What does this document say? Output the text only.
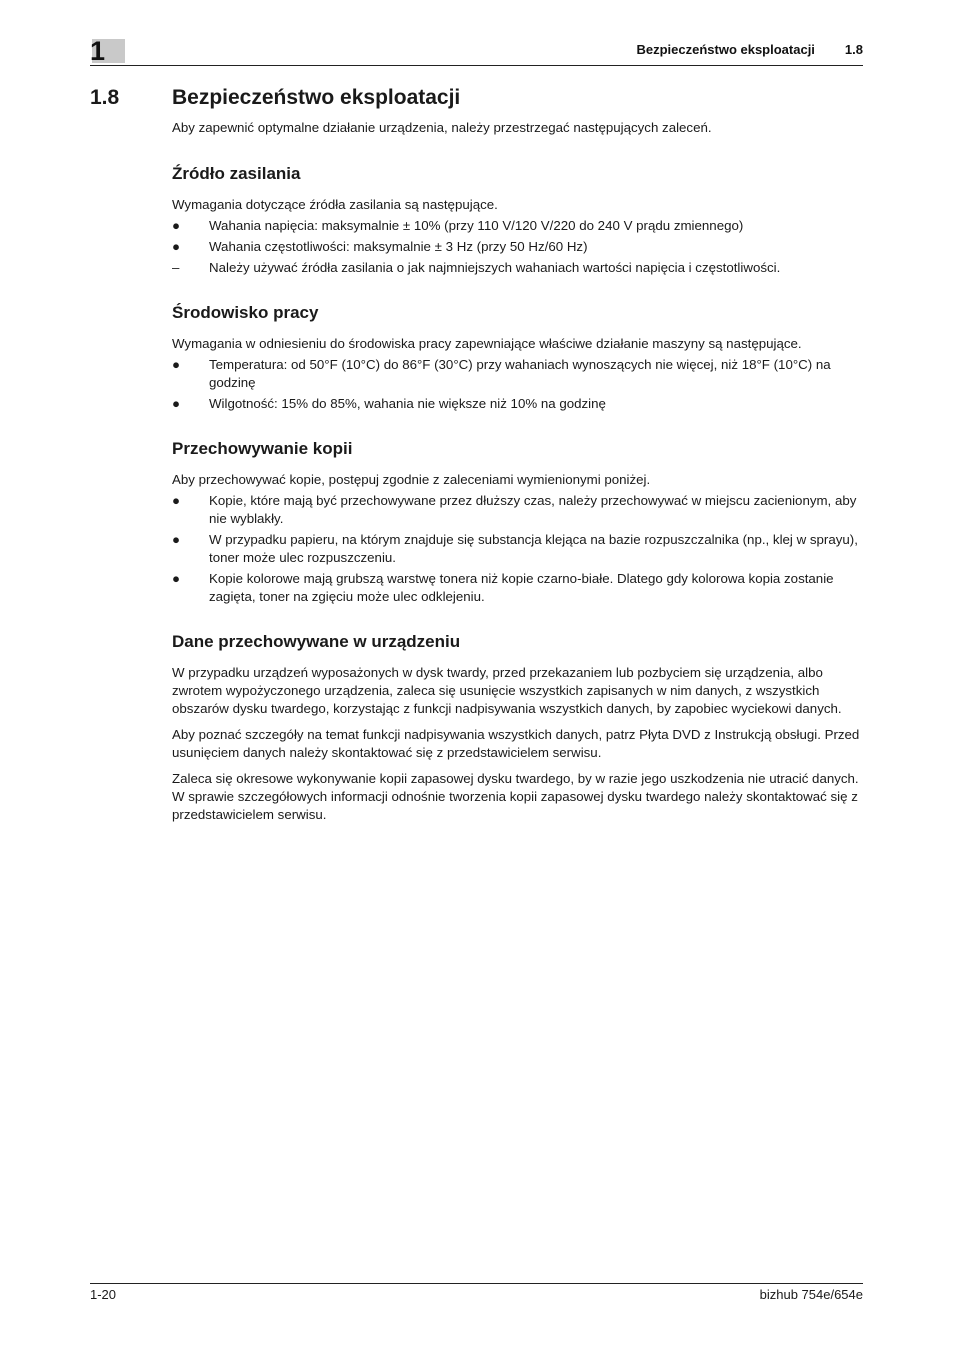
1	Bezpieczeństwo eksploatacji 1.8
1.8	Bezpieczeństwo eksploatacji

Aby zapewnić optymalne działanie urządzenia, należy przestrzegać następujących zaleceń.

Źródło zasilania

Wymagania dotyczące źródła zasilania są następujące.

●	Wahania napięcia: maksymalnie ± 10% (przy 110 V/120 V/220 do 240 V prądu zmiennego)
●	Wahania częstotliwości: maksymalnie ± 3 Hz (przy 50 Hz/60 Hz)
–	Należy używać źródła zasilania o jak najmniejszych wahaniach wartości napięcia i częstotliwości.
Środowisko pracy

Wymagania w odniesieniu do środowiska pracy zapewniające właściwe działanie maszyny są następujące.

●	Temperatura: od 50°F (10°C) do 86°F (30°C) przy wahaniach wynoszących nie więcej, niż 18°F (10°C) na godzinę
●	Wilgotność: 15% do 85%, wahania nie większe niż 10% na godzinę
Przechowywanie kopii

Aby przechowywać kopie, postępuj zgodnie z zaleceniami wymienionymi poniżej.

●	Kopie, które mają być przechowywane przez dłuższy czas, należy przechowywać w miejscu zacienionym, aby nie wyblakły.
●	W przypadku papieru, na którym znajduje się substancja klejąca na bazie rozpuszczalnika (np., klej w sprayu), toner może ulec rozpuszczeniu.
●	Kopie kolorowe mają grubszą warstwę tonera niż kopie czarno-białe. Dlatego gdy kolorowa kopia zostanie zagięta, toner na zgięciu może ulec odklejeniu.
Dane przechowywane w urządzeniu

W przypadku urządzeń wyposażonych w dysk twardy, przed przekazaniem lub pozbyciem się urządzenia, albo zwrotem wypożyczonego urządzenia, zaleca się usunięcie wszystkich zapisanych w nim danych, z wszystkich obszarów dysku twardego, korzystając z funkcji nadpisywania wszystkich danych, by zapobiec wyciekowi danych.

Aby poznać szczegóły na temat funkcji nadpisywania wszystkich danych, patrz Płyta DVD z Instrukcją obsługi. Przed usunięciem danych należy skontaktować się z przedstawicielem serwisu.

Zaleca się okresowe wykonywanie kopii zapasowej dysku twardego, by w razie jego uszkodzenia nie utracić danych. W sprawie szczegółowych informacji odnośnie tworzenia kopii zapasowej dysku twardego należy skontaktować się z przedstawicielem serwisu.

1-20	bizhub 754e/654e
